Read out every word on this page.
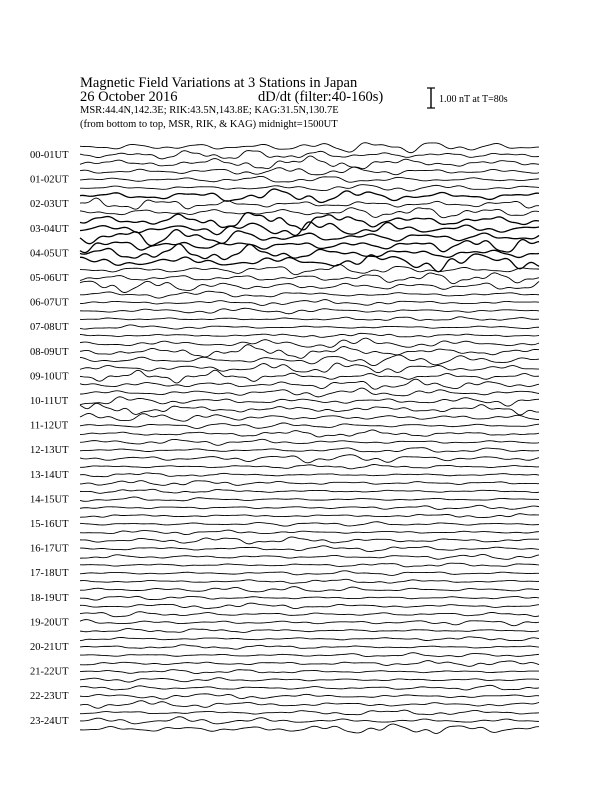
Magnetic Field Variations at 3 Stations in Japan
26 October 2016	dD/dt (filter:40-160s)
MSR:44.4N,142.3E; RIK:43.5N,143.8E; KAG:31.5N,130.7E
(from bottom to top, MSR, RIK, & KAG) midnight=1500UT
1.00 nT at T=80s
00-01UT
01-02UT
02-03UT
03-04UT
04-05UT
05-06UT
06-07UT
07-08UT
08-09UT
09-10UT
10-11UT
11-12UT
12-13UT
13-14UT
14-15UT
15-16UT
16-17UT
17-18UT
18-19UT
19-20UT
20-21UT
21-22UT
22-23UT
23-24UT
